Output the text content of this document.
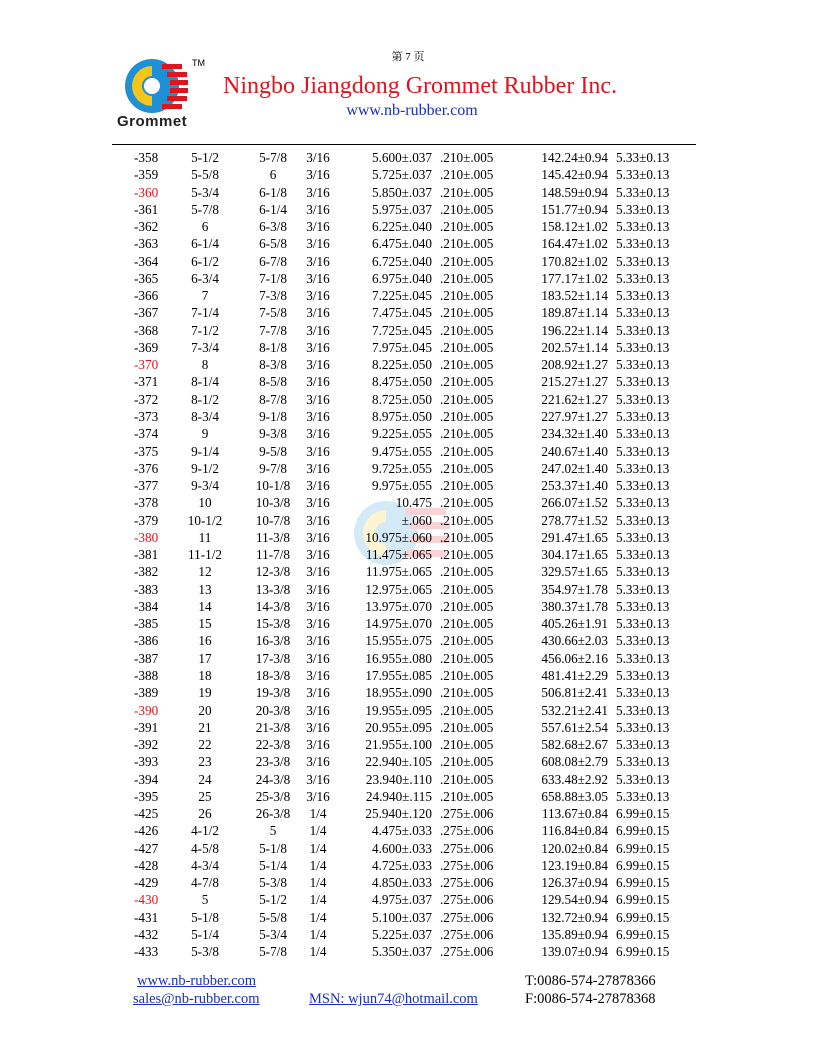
第 7 页
TM
Grommet
Ningbo Jiangdong Grommet Rubber Inc.
www.nb-rubber.com
-358	5-1/2	5-7/8	3/16	5.600±.037 .210±.005	142.24±0.94 5.33±0.13
-359	5-5/8	6	3/16	5.725±.037 .210±.005	145.42±0.94 5.33±0.13
-360	5-3/4	6-1/8	3/16	5.850±.037 .210±.005	148.59±0.94 5.33±0.13
-361	5-7/8	6-1/4	3/16	5.975±.037 .210±.005	151.77±0.94 5.33±0.13
-362	6	6-3/8	3/16	6.225±.040 .210±.005	158.12±1.02 5.33±0.13
-363	6-1/4	6-5/8	3/16	6.475±.040 .210±.005	164.47±1.02 5.33±0.13
-364	6-1/2	6-7/8	3/16	6.725±.040 .210±.005	170.82±1.02 5.33±0.13
-365	6-3/4	7-1/8	3/16	6.975±.040 .210±.005	177.17±1.02 5.33±0.13
-366	7	7-3/8	3/16	7.225±.045 .210±.005	183.52±1.14 5.33±0.13
-367	7-1/4	7-5/8	3/16	7.475±.045 .210±.005	189.87±1.14 5.33±0.13
-368	7-1/2	7-7/8	3/16	7.725±.045 .210±.005	196.22±1.14 5.33±0.13
-369	7-3/4	8-1/8	3/16	7.975±.045 .210±.005	202.57±1.14 5.33±0.13
-370	8	8-3/8	3/16	8.225±.050 .210±.005	208.92±1.27 5.33±0.13
-371	8-1/4	8-5/8	3/16	8.475±.050 .210±.005	215.27±1.27 5.33±0.13
-372	8-1/2	8-7/8	3/16	8.725±.050 .210±.005	221.62±1.27 5.33±0.13
-373	8-3/4	9-1/8	3/16	8.975±.050 .210±.005	227.97±1.27 5.33±0.13
-374	9	9-3/8	3/16	9.225±.055 .210±.005	234.32±1.40 5.33±0.13
-375	9-1/4	9-5/8	3/16	9.475±.055 .210±.005	240.67±1.40 5.33±0.13
-376	9-1/2	9-7/8	3/16	9.725±.055 .210±.005	247.02±1.40 5.33±0.13
-377	9-3/4	10-1/8	3/16	9.975±.055 .210±.005	253.37±1.40 5.33±0.13
-378	10	10-3/8	3/16	10.475 .210±.005	266.07±1.52 5.33±0.13
-379	10-1/2	10-7/8	3/16	±.060 .210±.005	278.77±1.52 5.33±0.13
-380	11	11-3/8	3/16	10.975±.060 .210±.005	291.47±1.65 5.33±0.13
-381	11-1/2	11-7/8	3/16	11.475±.065 .210±.005	304.17±1.65 5.33±0.13
-382	12	12-3/8	3/16	11.975±.065 .210±.005	329.57±1.65 5.33±0.13
-383	13	13-3/8	3/16	12.975±.065 .210±.005	354.97±1.78 5.33±0.13
-384	14	14-3/8	3/16	13.975±.070 .210±.005	380.37±1.78 5.33±0.13
-385	15	15-3/8	3/16	14.975±.070 .210±.005	405.26±1.91 5.33±0.13
-386	16	16-3/8	3/16	15.955±.075 .210±.005	430.66±2.03 5.33±0.13
-387	17	17-3/8	3/16	16.955±.080 .210±.005	456.06±2.16 5.33±0.13
-388	18	18-3/8	3/16	17.955±.085 .210±.005	481.41±2.29 5.33±0.13
-389	19	19-3/8	3/16	18.955±.090 .210±.005	506.81±2.41 5.33±0.13
-390	20	20-3/8	3/16	19.955±.095 .210±.005	532.21±2.41 5.33±0.13
-391	21	21-3/8	3/16	20.955±.095 .210±.005	557.61±2.54 5.33±0.13
-392	22	22-3/8	3/16	21.955±.100 .210±.005	582.68±2.67 5.33±0.13
-393	23	23-3/8	3/16	22.940±.105 .210±.005	608.08±2.79 5.33±0.13
-394	24	24-3/8	3/16	23.940±.110 .210±.005	633.48±2.92 5.33±0.13
-395	25	25-3/8	3/16	24.940±.115 .210±.005	658.88±3.05 5.33±0.13
-425	26	26-3/8	1/4	25.940±.120 .275±.006	113.67±0.84 6.99±0.15
-426	4-1/2	5	1/4	4.475±.033 .275±.006	116.84±0.84 6.99±0.15
-427	4-5/8	5-1/8	1/4	4.600±.033 .275±.006	120.02±0.84 6.99±0.15
-428	4-3/4	5-1/4	1/4	4.725±.033 .275±.006	123.19±0.84 6.99±0.15
-429	4-7/8	5-3/8	1/4	4.850±.033 .275±.006	126.37±0.94 6.99±0.15
-430	5	5-1/2	1/4	4.975±.037 .275±.006	129.54±0.94 6.99±0.15
-431	5-1/8	5-5/8	1/4	5.100±.037 .275±.006	132.72±0.94 6.99±0.15
-432	5-1/4	5-3/4	1/4	5.225±.037 .275±.006	135.89±0.94 6.99±0.15
-433	5-3/8	5-7/8	1/4	5.350±.037 .275±.006	139.07±0.94 6.99±0.15
www.nb-rubber.com	T:0086-574-27878366
sales@nb-rubber.com	MSN: wjun74@hotmail.com	F:0086-574-27878368
